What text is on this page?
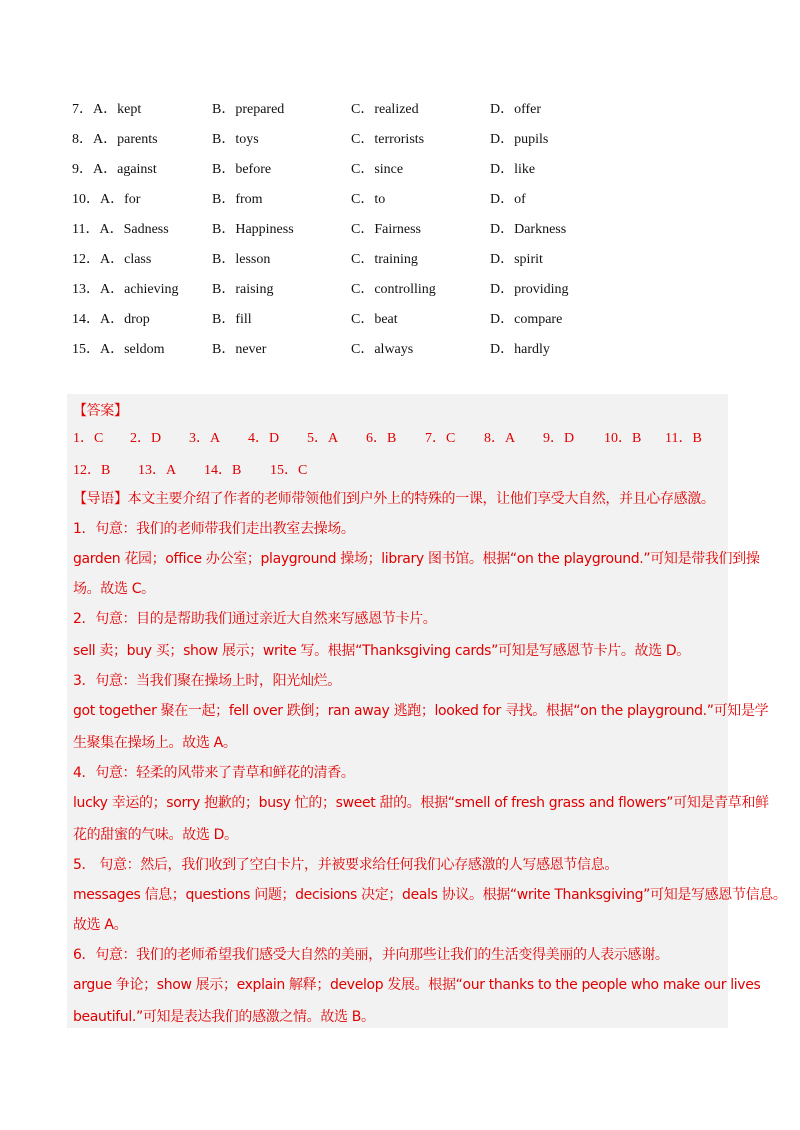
7．A．kept	B．prepared	C．realized	D．offer
8．A．parents	B．toys	C．terrorists	D．pupils
9．A．against	B．before	C．since	D．like
10．A．for	B．from	C．to	D．of
11．A．Sadness	B．Happiness	C．Fairness	D．Darkness
12．A．class	B．lesson	C．training	D．spirit
13．A．achieving B．raising	C．controlling	D．providing
14．A．drop	B．fill	C．beat	D．compare
15．A．seldom	B．never	C．always	D．hardly
【答案】
1．C 2．D 3．A 4．D 5．A 6．B 7．C 8．A 9．D 10．B 11．B
12．B 13．A 14．B 15．C
【导语】本文主要介绍了作者的老师带领他们到户外上的特殊的一课，让他们享受大自然，并且心存感激。
1．句意：我们的老师带我们走出教室去操场。
garden 花园；office 办公室；playground 操场；library 图书馆。根据“on the playground.”可知是带我们到操
场。故选 C。
2．句意：目的是帮助我们通过亲近大自然来写感恩节卡片。
sell 卖；buy 买；show 展示；write 写。根据“Thanksgiving cards”可知是写感恩节卡片。故选 D。
3．句意：当我们聚在操场上时，阳光灿烂。
got together 聚在一起；fell over 跌倒；ran away 逃跑；looked for 寻找。根据“on the playground.”可知是学
生聚集在操场上。故选 A。
4．句意：轻柔的风带来了青草和鲜花的清香。
lucky 幸运的；sorry 抱歉的；busy 忙的；sweet 甜的。根据“smell of fresh grass and flowers”可知是青草和鲜
花的甜蜜的气味。故选 D。
5． 句意：然后，我们收到了空白卡片，并被要求给任何我们心存感激的人写感恩节信息。
messages 信息；questions 问题；decisions 决定；deals 协议。根据“write Thanksgiving”可知是写感恩节信息。
故选 A。
6．句意：我们的老师希望我们感受大自然的美丽，并向那些让我们的生活变得美丽的人表示感谢。
argue 争论；show 展示；explain 解释；develop 发展。根据“our thanks to the people who make our lives
beautiful.”可知是表达我们的感激之情。故选 B。
